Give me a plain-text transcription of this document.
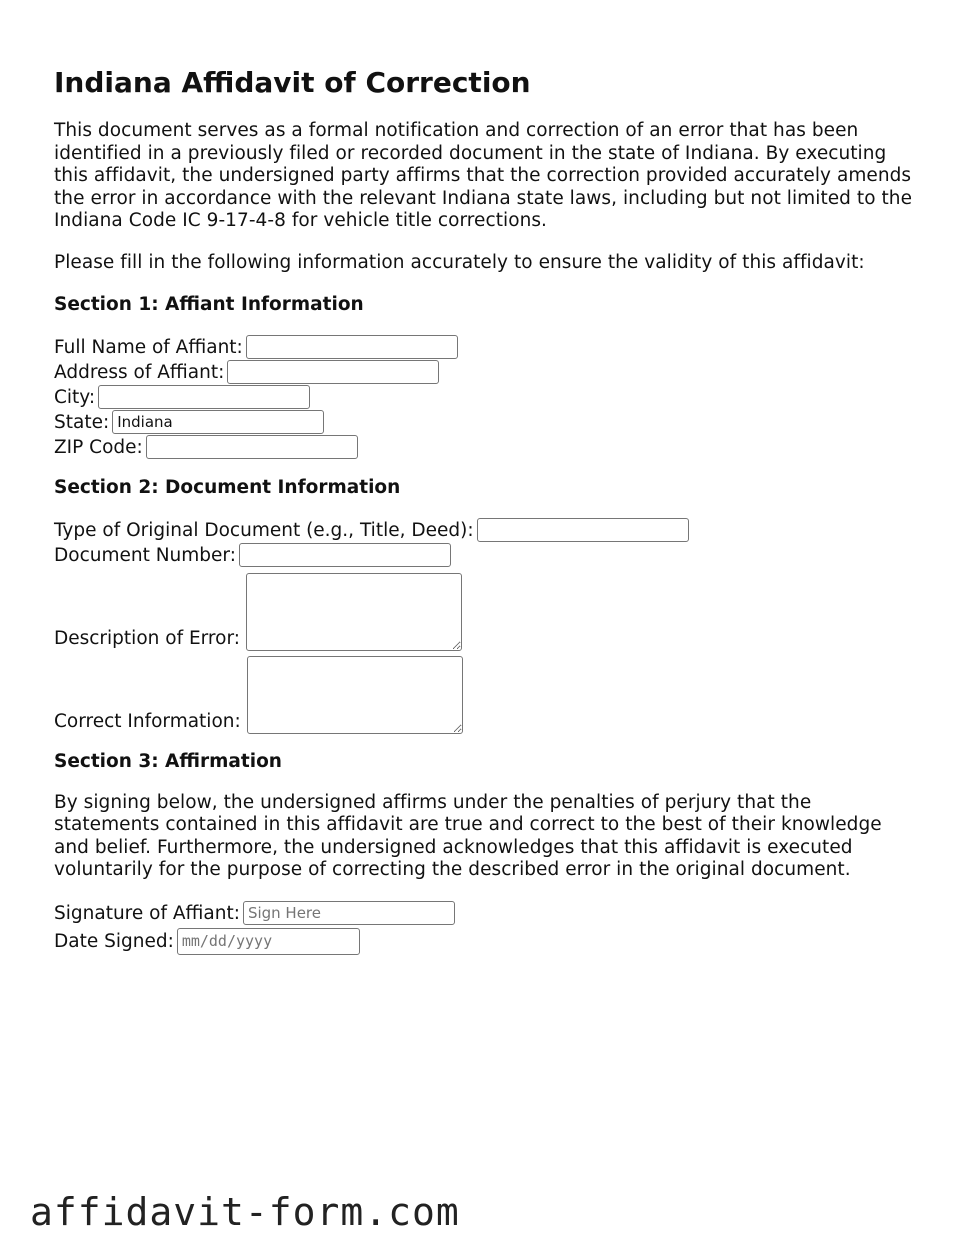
Indiana Affidavit of Correction

This document serves as a formal notification and correction of an error that has been identified in a previously filed or recorded document in the state of Indiana. By executing this affidavit, the undersigned party affirms that the correction provided accurately amends the error in accordance with the relevant Indiana state laws, including but not limited to the Indiana Code IC 9-17-4-8 for vehicle title corrections.

Please fill in the following information accurately to ensure the validity of this affidavit:

Section 1: Affiant Information
Full Name of Affiant:
Address of Affiant:
City:
State:Indiana
ZIP Code:
Section 2: Document Information
Type of Original Document (e.g., Title, Deed):
Document Number:
Description of Error:
Correct Information:
Section 3: Affirmation

By signing below, the undersigned affirms under the penalties of perjury that the statements contained in this affidavit are true and correct to the best of their knowledge and belief. Furthermore, the undersigned acknowledges that this affidavit is executed voluntarily for the purpose of correcting the described error in the original document.

Signature of Affiant:Sign Here
Date Signed:mm/dd/yyyy
affidavit-form.com
